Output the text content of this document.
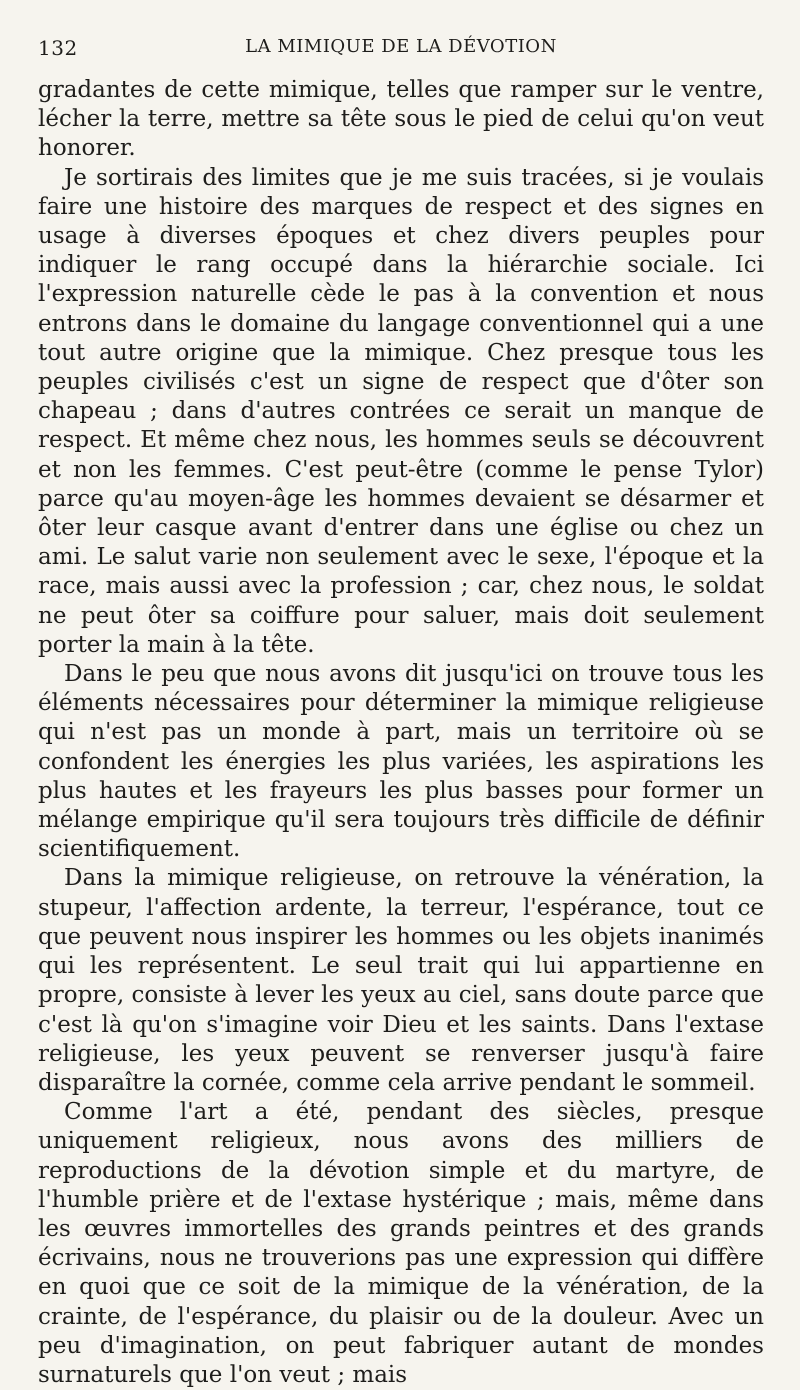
132	LA MIMIQUE DE LA DÉVOTION

gradantes de cette mimique, telles que ramper sur le ventre, lécher la terre, mettre sa tête sous le pied de celui qu'on veut honorer.

Je sortirais des limites que je me suis tracées, si je voulais faire une histoire des marques de respect et des signes en usage à diverses époques et chez divers peuples pour indiquer le rang occupé dans la hiérarchie sociale. Ici l'expression naturelle cède le pas à la convention et nous entrons dans le domaine du langage conventionnel qui a une tout autre origine que la mimique. Chez presque tous les peuples civilisés c'est un signe de respect que d'ôter son chapeau ; dans d'autres contrées ce serait un manque de respect. Et même chez nous, les hommes seuls se découvrent et non les femmes. C'est peut-être (comme le pense Tylor) parce qu'au moyen-âge les hommes devaient se désarmer et ôter leur casque avant d'entrer dans une église ou chez un ami. Le salut varie non seulement avec le sexe, l'époque et la race, mais aussi avec la profession ; car, chez nous, le soldat ne peut ôter sa coiffure pour saluer, mais doit seulement porter la main à la tête.

Dans le peu que nous avons dit jusqu'ici on trouve tous les éléments nécessaires pour déterminer la mimique religieuse qui n'est pas un monde à part, mais un territoire où se confondent les énergies les plus variées, les aspirations les plus hautes et les frayeurs les plus basses pour former un mélange empirique qu'il sera toujours très difficile de définir scientifiquement.

Dans la mimique religieuse, on retrouve la vénération, la stupeur, l'affection ardente, la terreur, l'espérance, tout ce que peuvent nous inspirer les hommes ou les objets inanimés qui les représentent. Le seul trait qui lui appartienne en propre, consiste à lever les yeux au ciel, sans doute parce que c'est là qu'on s'imagine voir Dieu et les saints. Dans l'extase religieuse, les yeux peuvent se renverser jusqu'à faire disparaître la cornée, comme cela arrive pendant le sommeil.

Comme l'art a été, pendant des siècles, presque uniquement religieux, nous avons des milliers de reproductions de la dévotion simple et du martyre, de l'humble prière et de l'extase hystérique ; mais, même dans les œuvres immortelles des grands peintres et des grands écrivains, nous ne trouverions pas une expression qui diffère en quoi que ce soit de la mimique de la vénération, de la crainte, de l'espérance, du plaisir ou de la douleur. Avec un peu d'imagination, on peut fabriquer autant de mondes surnaturels que l'on veut ; mais
